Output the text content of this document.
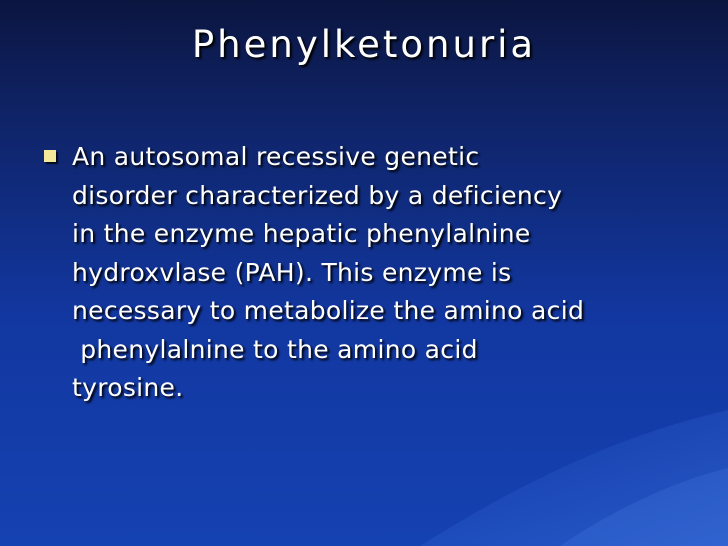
Phenylketonuria
An autosomal recessive genetic
disorder characterized by a deficiency
in the enzyme hepatic phenylalnine
hydroxvlase (PAH). This enzyme is
necessary to metabolize the amino acid
phenylalnine to the amino acid
tyrosine.
